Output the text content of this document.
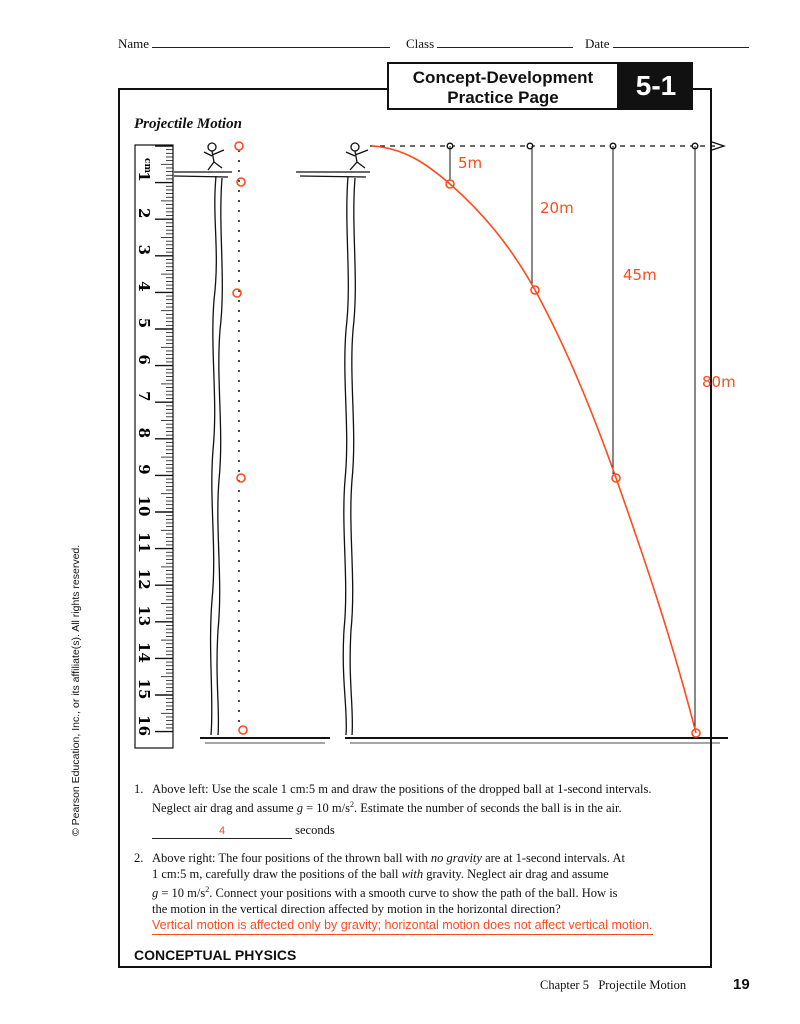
Name	Class	Date
Concept-Development
Practice Page	5-1
Projectile Motion
© Pearson Education, Inc., or its affiliate(s). All rights reserved.
cm
1
2
3
4
5
6
7
8
9
10
11
12
13
14
15
16
5m
20m
45m
80m
1. Above left: Use the scale 1 cm:5 m and draw the positions of the dropped ball at 1-second intervals.
Neglect air drag and assume g = 10 $m/s^2$. Estimate the number of seconds the ball is in the air.
4	seconds
2. Above right: The four positions of the thrown ball with no gravity are at 1-second intervals. At
1 cm:5 m, carefully draw the positions of the ball with gravity. Neglect air drag and assume
g = 10 $m/s^2$. Connect your positions with a smooth curve to show the path of the ball. How is
the motion in the vertical direction affected by motion in the horizontal direction?
Vertical motion is affected only by gravity; horizontal motion does not affect vertical motion.
CONCEPTUAL PHYSICS
Chapter 5   Projectile Motion	19
